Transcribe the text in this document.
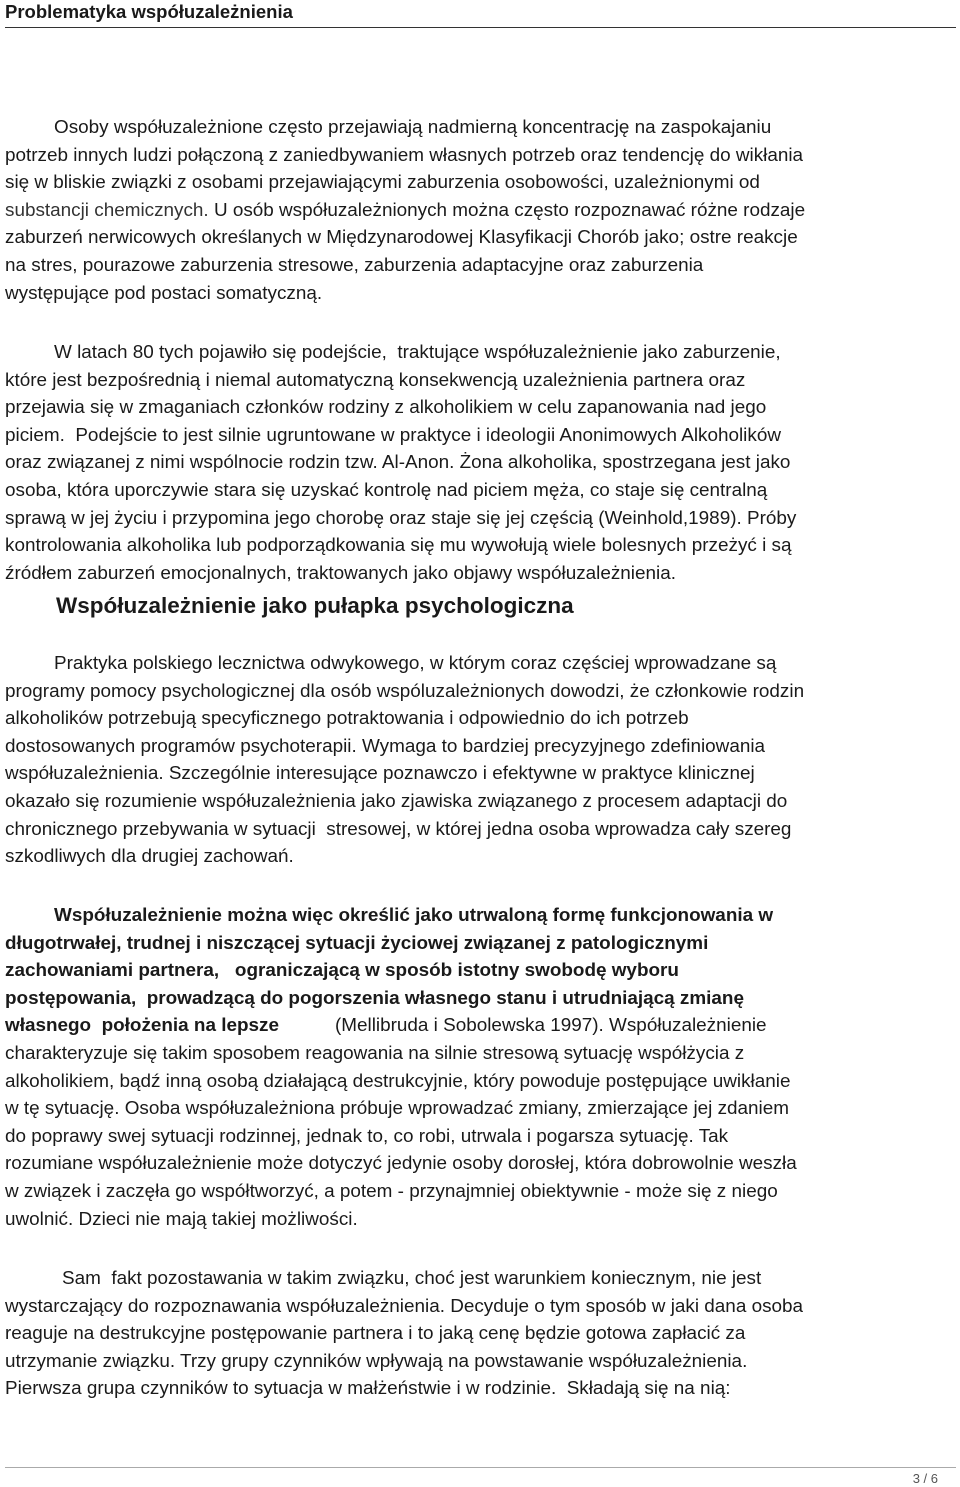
Problematyka współuzależnienia
Osoby współuzależnione często przejawiają nadmierną koncentrację na zaspokajaniu
potrzeb innych ludzi połączoną z zaniedbywaniem własnych potrzeb oraz tendencję do wikłania
się w bliskie związki z osobami przejawiającymi zaburzenia osobowości, uzależnionymi od
substancji chemicznych. U osób współuzależnionych można często rozpoznawać różne rodzaje
zaburzeń nerwicowych określanych w Międzynarodowej Klasyfikacji Chorób jako; ostre reakcje
na stres, pourazowe zaburzenia stresowe, zaburzenia adaptacyjne oraz zaburzenia
występujące pod postaci somatyczną.
W latach 80 tych pojawiło się podejście,  traktujące współuzależnienie jako zaburzenie,
które jest bezpośrednią i niemal automatyczną konsekwencją uzależnienia partnera oraz
przejawia się w zmaganiach członków rodziny z alkoholikiem w celu zapanowania nad jego
piciem.  Podejście to jest silnie ugruntowane w praktyce i ideologii Anonimowych Alkoholików
oraz związanej z nimi wspólnocie rodzin tzw. Al-Anon. Żona alkoholika, spostrzegana jest jako
osoba, która uporczywie stara się uzyskać kontrolę nad piciem męża, co staje się centralną
sprawą w jej życiu i przypomina jego chorobę oraz staje się jej częścią (Weinhold,1989). Próby
kontrolowania alkoholika lub podporządkowania się mu wywołują wiele bolesnych przeżyć i są
źródłem zaburzeń emocjonalnych, traktowanych jako objawy współuzależnienia.
Współuzależnienie jako pułapka psychologiczna
Praktyka polskiego lecznictwa odwykowego, w którym coraz częściej wprowadzane są
programy pomocy psychologicznej dla osób wspóluzależnionych dowodzi, że członkowie rodzin
alkoholików potrzebują specyficznego potraktowania i odpowiednio do ich potrzeb
dostosowanych programów psychoterapii. Wymaga to bardziej precyzyjnego zdefiniowania
współuzależnienia. Szczególnie interesujące poznawczo i efektywne w praktyce klinicznej
okazało się rozumienie współuzależnienia jako zjawiska związanego z procesem adaptacji do
chronicznego przebywania w sytuacji  stresowej, w której jedna osoba wprowadza cały szereg
szkodliwych dla drugiej zachowań.
Współuzależnienie można więc określić jako utrwaloną formę funkcjonowania w
długotrwałej, trudnej i niszczącej sytuacji życiowej związanej z patologicznymi
zachowaniami partnera,   ograniczającą w sposób istotny swobodę wyboru
postępowania,  prowadzącą do pogorszenia własnego stanu i utrudniającą zmianę
własnego  położenia na lepsze	(Mellibruda i Sobolewska 1997). Współuzależnienie
charakteryzuje się takim sposobem reagowania na silnie stresową sytuację współżycia z
alkoholikiem, bądź inną osobą działającą destrukcyjnie, który powoduje postępujące uwikłanie
w tę sytuację. Osoba współuzależniona próbuje wprowadzać zmiany, zmierzające jej zdaniem
do poprawy swej sytuacji rodzinnej, jednak to, co robi, utrwala i pogarsza sytuację. Tak
rozumiane współuzależnienie może dotyczyć jedynie osoby dorosłej, która dobrowolnie weszła
w związek i zaczęła go współtworzyć, a potem - przynajmniej obiektywnie - może się z niego
uwolnić. Dzieci nie mają takiej możliwości.
Sam  fakt pozostawania w takim związku, choć jest warunkiem koniecznym, nie jest
wystarczający do rozpoznawania współuzależnienia. Decyduje o tym sposób w jaki dana osoba
reaguje na destrukcyjne postępowanie partnera i to jaką cenę będzie gotowa zapłacić za
utrzymanie związku. Trzy grupy czynników wpływają na powstawanie współuzależnienia.
Pierwsza grupa czynników to sytuacja w małżeństwie i w rodzinie.  Składają się na nią:
3 / 6
